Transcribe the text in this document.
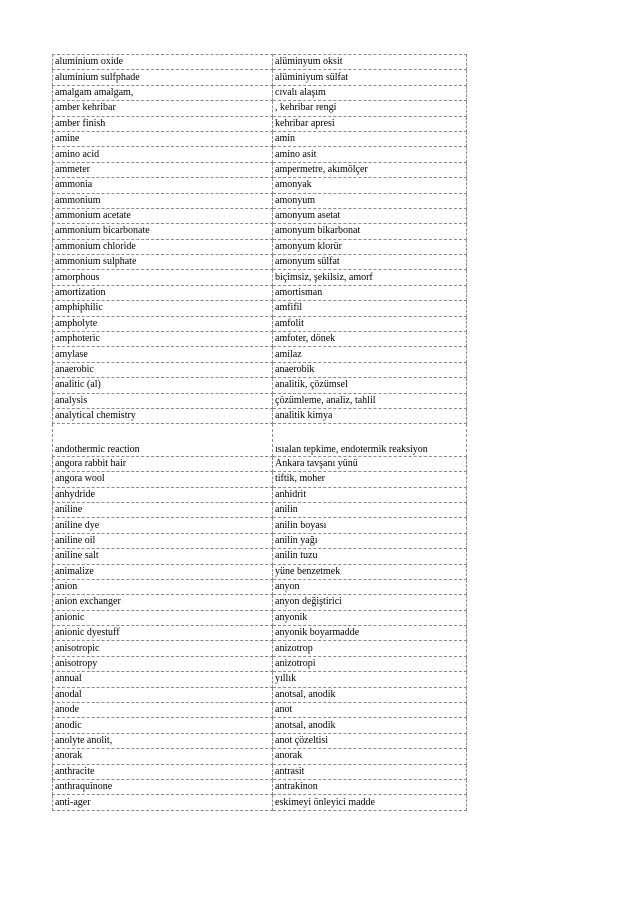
aluminium oxide	alüminyum oksit
aluminium sulfphade	alüminiyum sülfat
amalgam amalgam,	cıvalı alaşım
amber kehribar	, kehribar rengi
amber finish	kehribar apresi
amine	amin
amino acid	amino asit
ammeter	ampermetre, akımölçer
ammonia	amonyak
ammonium	amonyum
ammonium acetate	amonyum asetat
ammonium bicarbonate	amonyum bikarbonat
ammonium chloride	amonyum klorür
ammonium sulphate	amonyum sülfat
amorphous	biçimsiz, şekilsiz, amorf
amortization	amortisman
amphiphilic	amfifil
ampholyte	amfolit
amphoteric	amfoter, dönek
amylase	amilaz
anaerobic	anaerobik
analitic (al)	analitik, çözümsel
analysis	çözümleme, analiz, tahlil
analytical chemistry	analitik kimya
andothermic reaction	ısıalan tepkime, endotermik reaksiyon
angora rabbit hair	Ankara tavşanı yünü
angora wool	tiftik, moher
anhydride	anhidrit
aniline	anilin
aniline dye	anilin boyası
aniline oil	anilin yağı
aniline salt	anilin tuzu
animalize	yüne benzetmek
anion	anyon
anion exchanger	anyon değiştirici
anionic	anyonik
anionic dyestuff	anyonik boyarmadde
anisotropic	anizotrop
anisotropy	anizotropi
annual	yıllık
anodal	anotsal, anodik
anode	anot
anodic	anotsal, anodik
anolyte anolit,	anot çözeltisi
anorak	anorak
anthracite	antrasit
anthraquinone	antrakinon
anti-ager	eskimeyi önleyici madde
